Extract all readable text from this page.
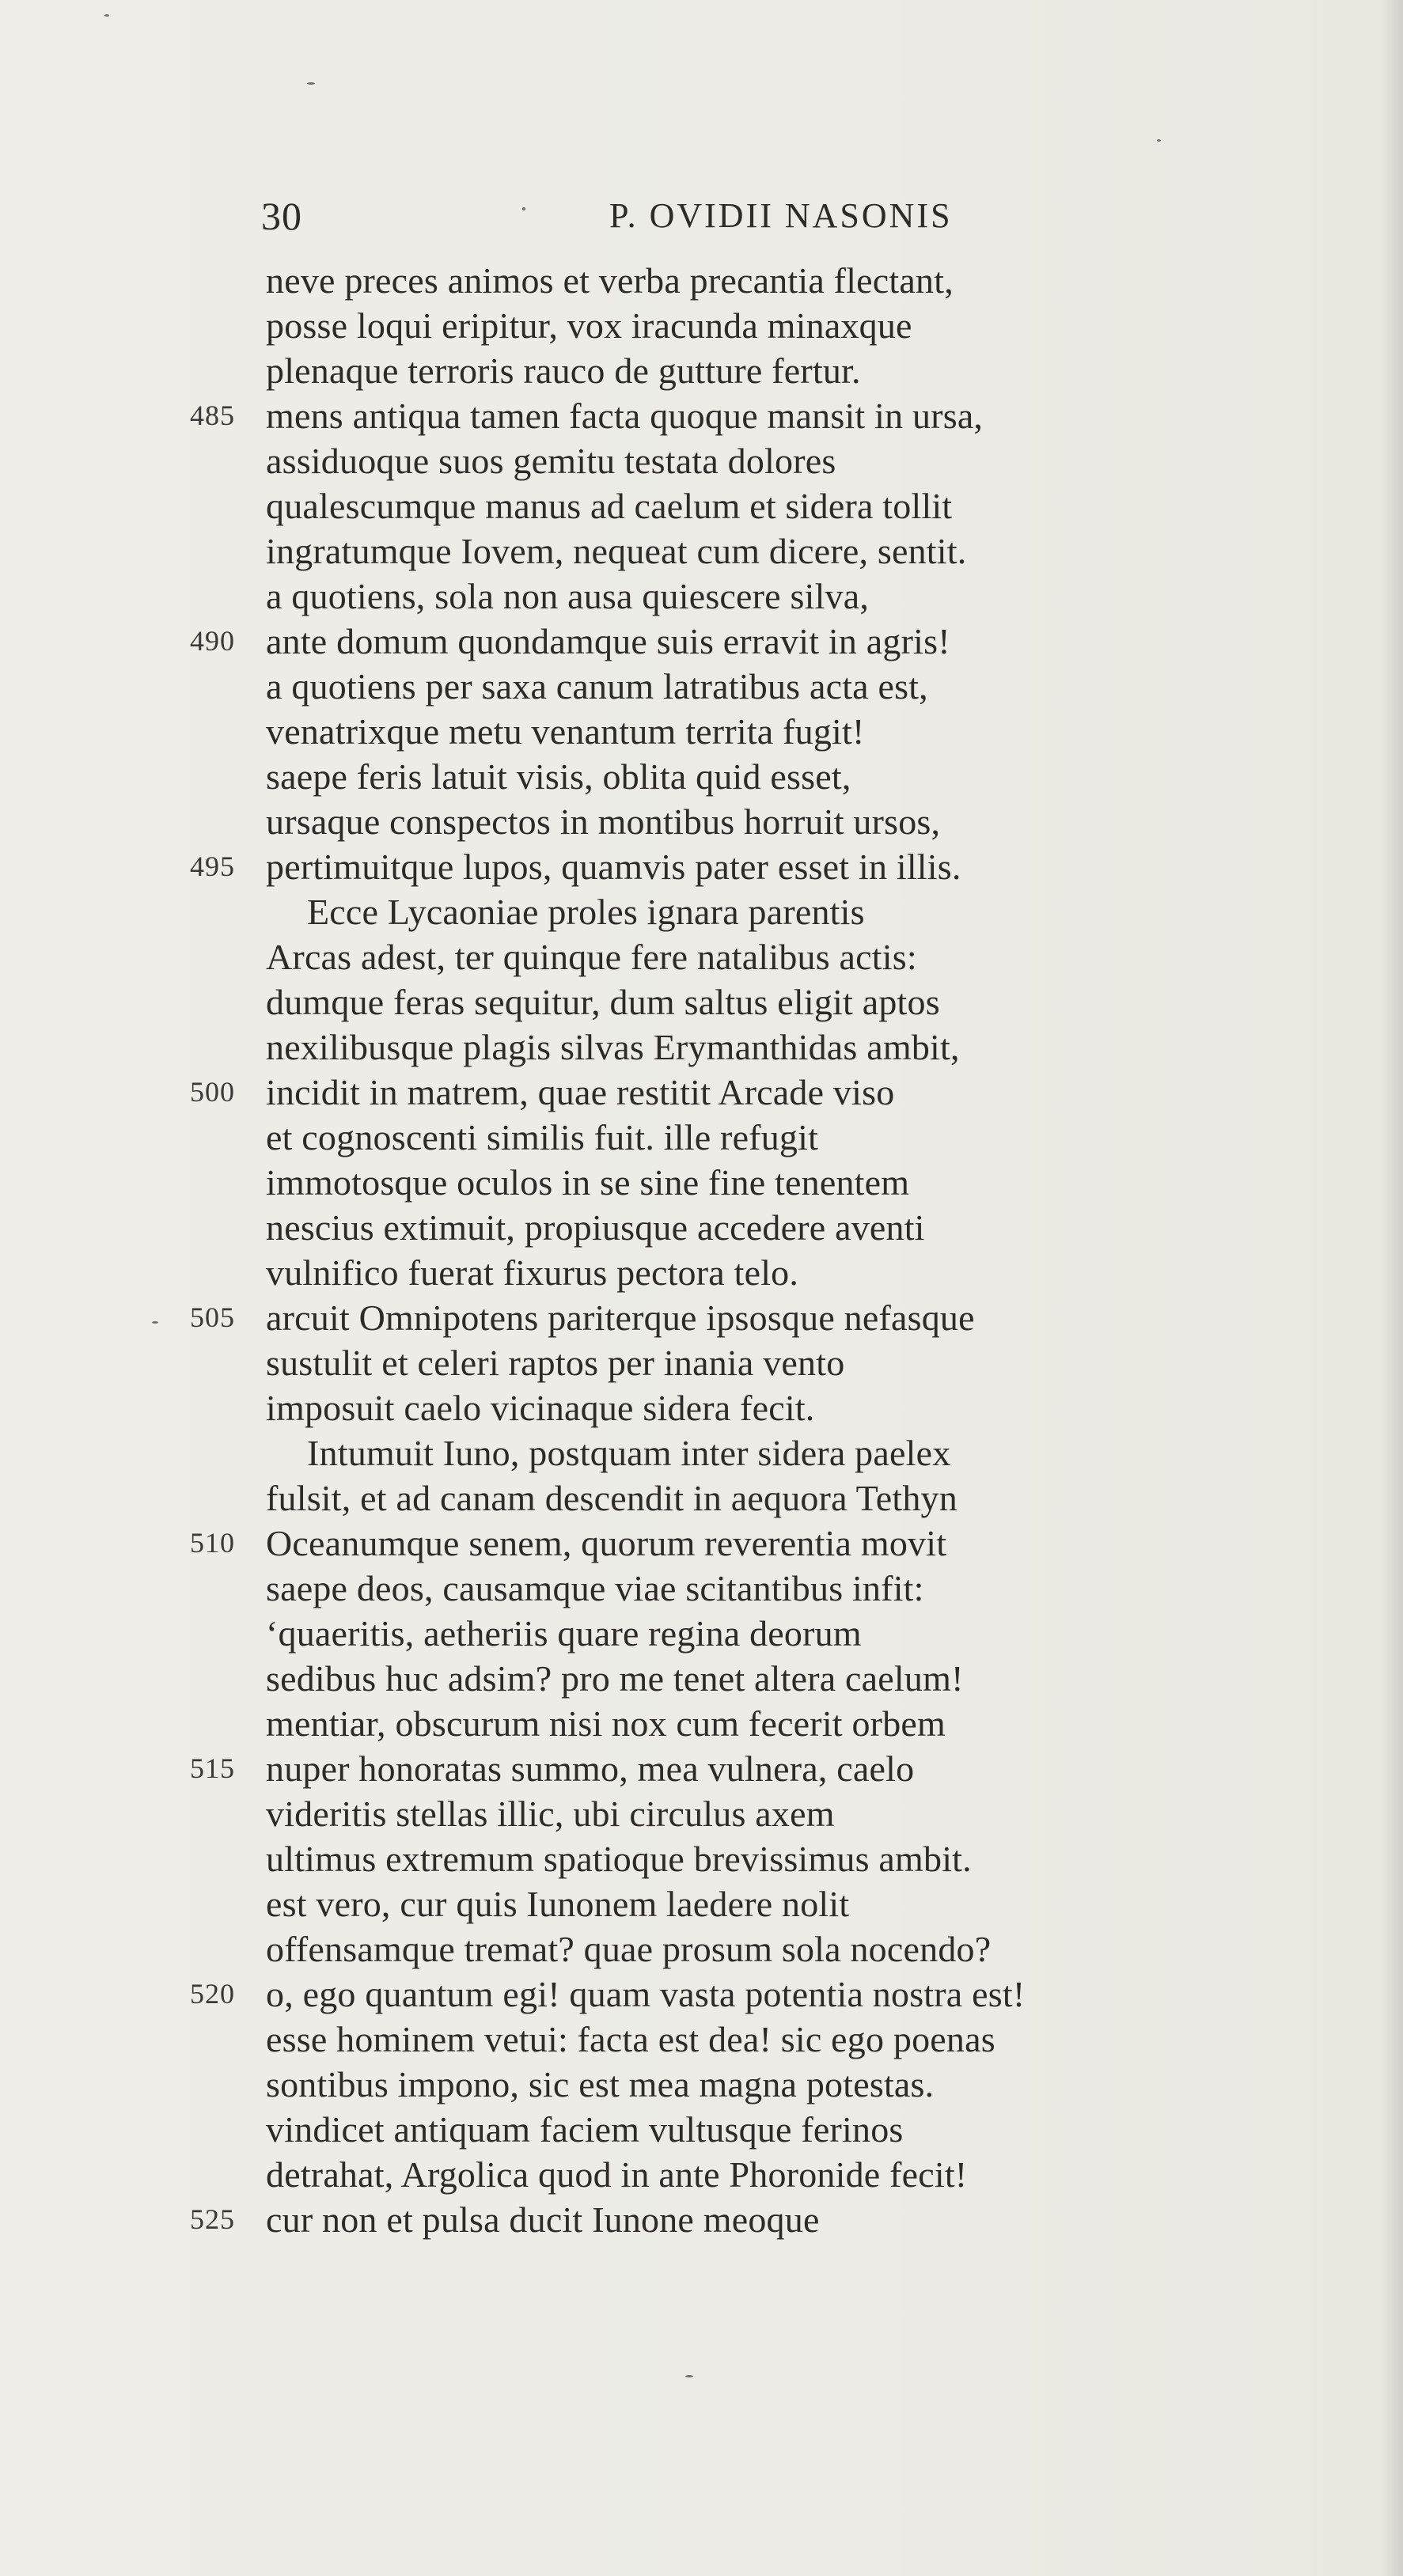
30	P. OVIDII NASONIS
neve preces animos et verba precantia flectant,
posse loqui eripitur, vox iracunda minaxque
plenaque terroris rauco de gutture fertur.
485 mens antiqua tamen facta quoque mansit in ursa,
assiduoque suos gemitu testata dolores
qualescumque manus ad caelum et sidera tollit
ingratumque Iovem, nequeat cum dicere, sentit.
a quotiens, sola non ausa quiescere silva,
490 ante domum quondamque suis erravit in agris!
a quotiens per saxa canum latratibus acta est,
venatrixque metu venantum territa fugit!
saepe feris latuit visis, oblita quid esset,
ursaque conspectos in montibus horruit ursos,
495 pertimuitque lupos, quamvis pater esset in illis.
Ecce Lycaoniae proles ignara parentis
Arcas adest, ter quinque fere natalibus actis:
dumque feras sequitur, dum saltus eligit aptos
nexilibusque plagis silvas Erymanthidas ambit,
500 incidit in matrem, quae restitit Arcade viso
et cognoscenti similis fuit. ille refugit
immotosque oculos in se sine fine tenentem
nescius extimuit, propiusque accedere aventi
vulnifico fuerat fixurus pectora telo.
505 arcuit Omnipotens pariterque ipsosque nefasque
sustulit et celeri raptos per inania vento
imposuit caelo vicinaque sidera fecit.
Intumuit Iuno, postquam inter sidera paelex
fulsit, et ad canam descendit in aequora Tethyn
510 Oceanumque senem, quorum reverentia movit
saepe deos, causamque viae scitantibus infit:
‘quaeritis, aetheriis quare regina deorum
sedibus huc adsim? pro me tenet altera caelum!
mentiar, obscurum nisi nox cum fecerit orbem
515 nuper honoratas summo, mea vulnera, caelo
videritis stellas illic, ubi circulus axem
ultimus extremum spatioque brevissimus ambit.
est vero, cur quis Iunonem laedere nolit
offensamque tremat? quae prosum sola nocendo?
520 o, ego quantum egi! quam vasta potentia nostra est!
esse hominem vetui: facta est dea! sic ego poenas
sontibus impono, sic est mea magna potestas.
vindicet antiquam faciem vultusque ferinos
detrahat, Argolica quod in ante Phoronide fecit!
525 cur non et pulsa ducit Iunone meoque
